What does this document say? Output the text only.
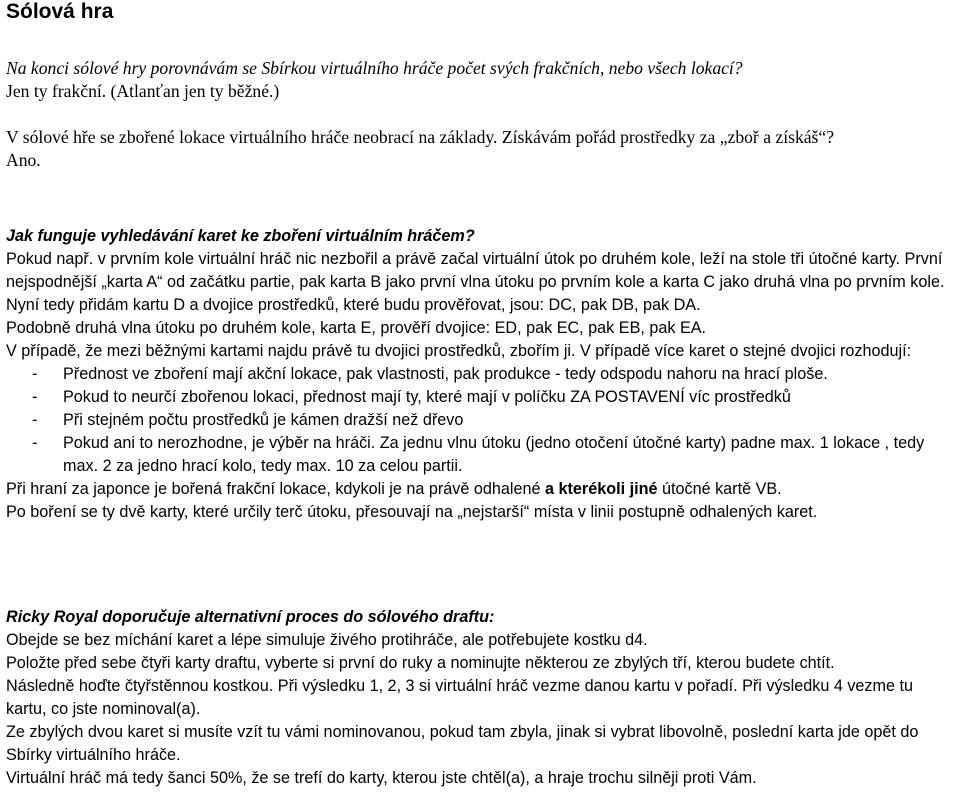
Sólová hra

Na konci sólové hry porovnávám se Sbírkou virtuálního hráče počet svých frakčních, nebo všech lokací?

Jen ty frakční. (Atlanťan jen ty běžné.)

V sólové hře se zbořené lokace virtuálního hráče neobrací na základy. Získávám pořád prostředky za „zboř a získáš“?

Ano.

Jak funguje vyhledávání karet ke zboření virtuálním hráčem?

Pokud např. v prvním kole virtuální hráč nic nezbořil a právě začal virtuální útok po druhém kole, leží na stole tři útočné karty. První nejspodnější „karta A“ od začátku partie, pak karta B jako první vlna útoku po prvním kole a karta C jako druhá vlna po prvním kole.

Nyní tedy přidám kartu D a dvojice prostředků, které budu prověřovat, jsou: DC, pak DB, pak DA.

Podobně druhá vlna útoku po druhém kole, karta E, prověří dvojice: ED, pak EC, pak EB, pak EA.

V případě, že mezi běžnými kartami najdu právě tu dvojici prostředků, zbořím ji. V případě více karet o stejné dvojici rozhodují:

- Přednost ve zboření mají akční lokace, pak vlastnosti, pak produkce - tedy odspodu nahoru na hrací ploše.
- Pokud to neurčí zbořenou lokaci, přednost mají ty, které mají v políčku ZA POSTAVENÍ víc prostředků
- Při stejném počtu prostředků je kámen dražší než dřevo
- Pokud ani to nerozhodne, je výběr na hráči. Za jednu vlnu útoku (jedno otočení útočné karty) padne max. 1 lokace , tedy max. 2 za jedno hrací kolo, tedy max. 10 za celou partii.

Při hraní za japonce je bořená frakční lokace, kdykoli je na právě odhalené a kterékoli jiné útočné kartě VB.

Po boření se ty dvě karty, které určily terč útoku, přesouvají na „nejstarší“ místa v linii postupně odhalených karet.

Ricky Royal doporučuje alternativní proces do sólového draftu:

Obejde se bez míchání karet a lépe simuluje živého protihráče, ale potřebujete kostku d4.

Položte před sebe čtyři karty draftu, vyberte si první do ruky a nominujte některou ze zbylých tří, kterou budete chtít.

Následně hoďte čtyřstěnnou kostkou. Při výsledku 1, 2, 3 si virtuální hráč vezme danou kartu v pořadí. Při výsledku 4 vezme tu kartu, co jste nominoval(a).

Ze zbylých dvou karet si musíte vzít tu vámi nominovanou, pokud tam zbyla, jinak si vybrat libovolně, poslední karta jde opět do Sbírky virtuálního hráče.

Virtuální hráč má tedy šanci 50%, že se trefí do karty, kterou jste chtěl(a), a hraje trochu silněji proti Vám.
